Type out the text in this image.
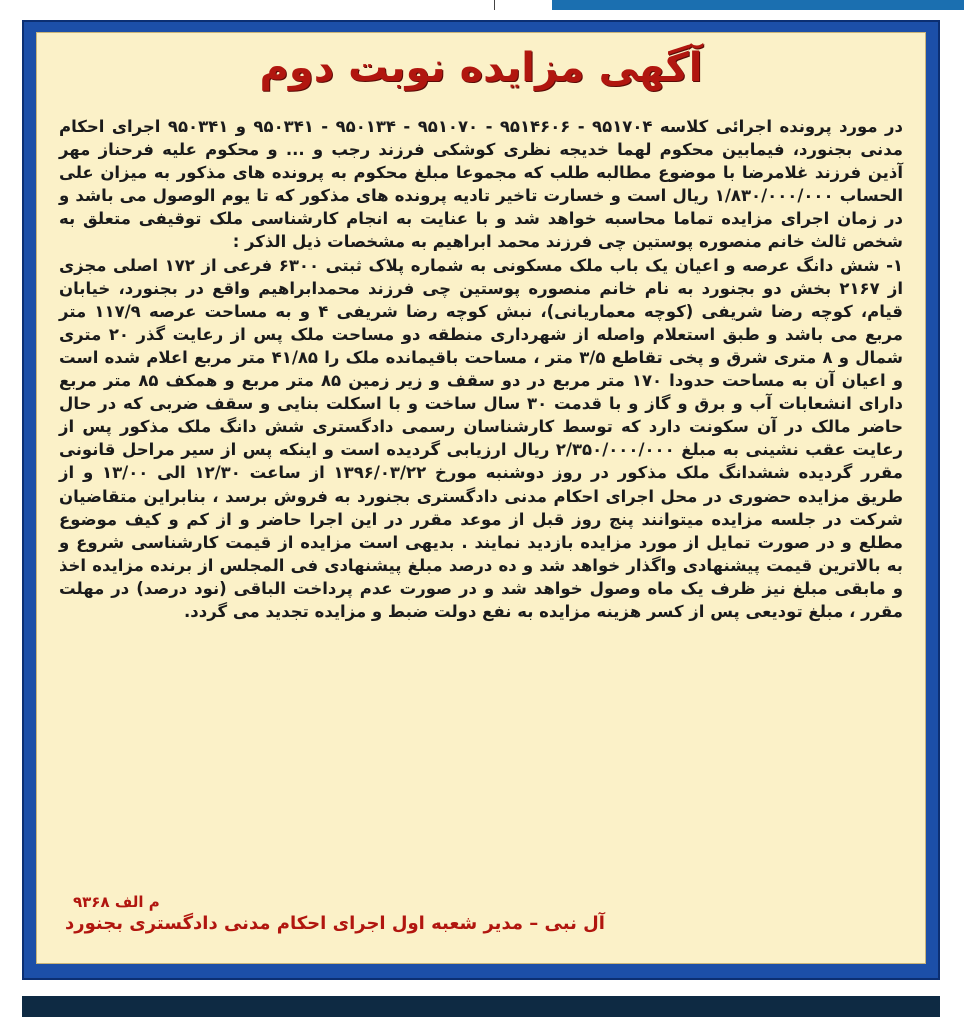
آگهی مزایده نوبت دوم

در مورد پرونده اجرائی کلاسه ۹۵۱۷۰۴ - ۹۵۱۴۶۰۶ - ۹۵۱۰۷۰ - ۹۵۰۱۳۴ - ۹۵۰۳۴۱ و ۹۵۰۳۴۱ اجرای احکام مدنی بجنورد، فیمابین محکوم لهما خدیجه نظری کوشکی فرزند رجب و ... و محکوم علیه فرحناز مهر آذین فرزند غلامرضا با موضوع مطالبه طلب که مجموعا مبلغ محکوم به پرونده های مذکور به میزان علی الحساب ۱/۸۳۰/۰۰۰/۰۰۰ ریال است و خسارت تاخیر تادیه پرونده های مذکور که تا یوم الوصول می باشد و در زمان اجرای مزایده تماما محاسبه خواهد شد و با عنایت به انجام کارشناسی ملک توقیفی متعلق به شخص ثالث خانم منصوره پوستین چی فرزند محمد ابراهیم به مشخصات ذیل الذکر :

۱- شش دانگ عرصه و اعیان یک باب ملک مسکونی به شماره پلاک ثبتی ۶۳۰۰ فرعی از ۱۷۲ اصلی مجزی از ۲۱۶۷ بخش دو بجنورد به نام خانم منصوره پوستین چی فرزند محمدابراهیم واقع در بجنورد، خیابان قیام، کوچه رضا شریفی (کوچه معماریانی)، نبش کوچه رضا شریفی ۴ و به مساحت عرصه ۱۱۷/۹ متر مربع می باشد و طبق استعلام واصله از شهرداری منطقه دو مساحت ملک پس از رعایت گذر ۲۰ متری شمال و ۸ متری شرق و پخی تقاطع ۳/۵ متر ، مساحت باقیمانده ملک را ۴۱/۸۵ متر مربع اعلام شده است و اعیان آن به مساحت حدودا ۱۷۰ متر مربع در دو سقف و زیر زمین ۸۵ متر مربع و همکف ۸۵ متر مربع دارای انشعابات آب و برق و گاز و با قدمت ۳۰ سال ساخت و با اسکلت بنایی و سقف ضربی که در حال حاضر مالک در آن سکونت دارد که توسط کارشناسان رسمی دادگستری شش دانگ ملک مذکور پس از رعایت عقب نشینی به مبلغ ۲/۳۵۰/۰۰۰/۰۰۰ ریال ارزیابی گردیده است و اینکه پس از سیر مراحل قانونی مقرر گردیده ششدانگ ملک مذکور در روز دوشنبه مورخ ۱۳۹۶/۰۳/۲۲ از ساعت ۱۲/۳۰ الی ۱۳/۰۰ و از طریق مزایده حضوری در محل اجرای احکام مدنی دادگستری بجنورد به فروش برسد ، بنابراین متقاضیان شرکت در جلسه مزایده میتوانند پنج روز قبل از موعد مقرر در این اجرا حاضر و از کم و کیف موضوع مطلع و در صورت تمایل از مورد مزایده بازدید نمایند . بدیهی است مزایده از قیمت کارشناسی شروع و به بالاترین قیمت پیشنهادی واگذار خواهد شد و ده درصد مبلغ پیشنهادی فی المجلس از برنده مزایده اخذ و مابقی مبلغ نیز ظرف یک ماه وصول خواهد شد و در صورت عدم پرداخت الباقی (نود درصد) در مهلت مقرر ، مبلغ تودیعی پس از کسر هزینه مزایده به نفع دولت ضبط و مزایده تجدید می گردد.

م الف ۹۳۶۸
آل نبی – مدیر شعبه اول اجرای احکام مدنی دادگستری بجنورد
